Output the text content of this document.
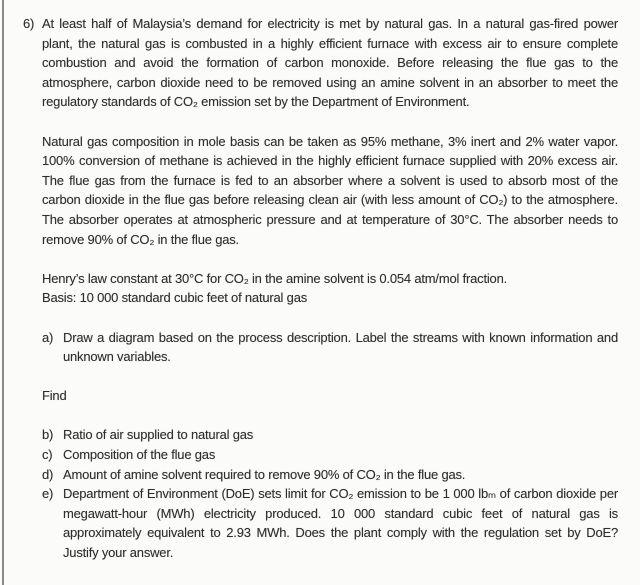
6) At least half of Malaysia’s demand for electricity is met by natural gas. In a natural gas-fired power plant, the natural gas is combusted in a highly efficient furnace with excess air to ensure complete combustion and avoid the formation of carbon monoxide. Before releasing the flue gas to the atmosphere, carbon dioxide need to be removed using an amine solvent in an absorber to meet the regulatory standards of CO₂ emission set by the Department of Environment.

Natural gas composition in mole basis can be taken as 95% methane, 3% inert and 2% water vapor. 100% conversion of methane is achieved in the highly efficient furnace supplied with 20% excess air. The flue gas from the furnace is fed to an absorber where a solvent is used to absorb most of the carbon dioxide in the flue gas before releasing clean air (with less amount of CO₂) to the atmosphere. The absorber operates at atmospheric pressure and at temperature of 30°C. The absorber needs to remove 90% of CO₂ in the flue gas.

Henry’s law constant at 30°C for CO₂ in the amine solvent is 0.054 atm/mol fraction.
Basis: 10 000 standard cubic feet of natural gas
a) Draw a diagram based on the process description. Label the streams with known information and unknown variables.

Find

b) Ratio of air supplied to natural gas

c) Composition of the flue gas

d) Amount of amine solvent required to remove 90% of CO₂ in the flue gas.

e) Department of Environment (DoE) sets limit for CO₂ emission to be 1 000 lbₘ of carbon dioxide per megawatt-hour (MWh) electricity produced. 10 000 standard cubic feet of natural gas is approximately equivalent to 2.93 MWh. Does the plant comply with the regulation set by DoE? Justify your answer.
